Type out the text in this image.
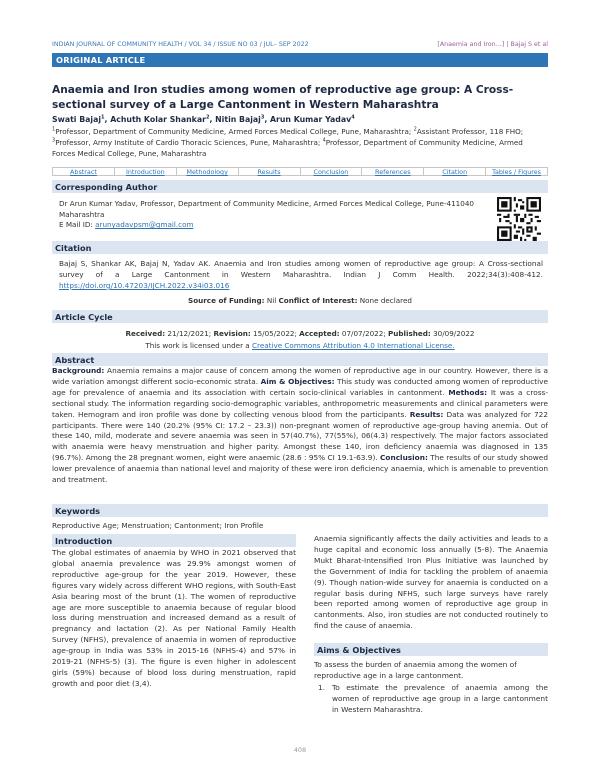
INDIAN JOURNAL OF COMMUNITY HEALTH / VOL 34 / ISSUE NO 03 / JUL– SEP 2022	[Anaemia and Iron…] | Bajaj S et al
ORIGINAL ARTICLE
Anaemia and Iron studies among women of reproductive age group: A Cross-sectional survey of a Large Cantonment in Western Maharashtra
Swati Bajaj$^1$, Achuth Kolar Shankar$^2$, Nitin Bajaj$^3$, Arun Kumar Yadav$^4$
$^1$Professor, Department of Community Medicine, Armed Forces Medical College, Pune, Maharashtra; $^2$Assistant Professor, 118 FHO; $^3$Professor, Army Institute of Cardio Thoracic Sciences, Pune, Maharashtra; $^4$Professor, Department of Community Medicine, Armed Forces Medical College, Pune, Maharashtra
Abstract	Introduction	Methodology	Results	Conclusion	References	Citation	Tables / Figures
Corresponding Author
Dr Arun Kumar Yadav, Professor, Department of Community Medicine, Armed Forces Medical College, Pune-411040 Maharashtra
E Mail ID: arunyadavpsm@gmail.com
Citation
Bajaj S, Shankar AK, Bajaj N, Yadav AK. Anaemia and Iron studies among women of reproductive age group: A Cross-sectional survey of a Large Cantonment in Western Maharashtra. Indian J Comm Health. 2022;34(3):408-412. https://doi.org/10.47203/IJCH.2022.v34i03.016
Source of Funding: Nil Conflict of Interest: None declared
Article Cycle
Received: 21/12/2021; Revision: 15/05/2022; Accepted: 07/07/2022; Published: 30/09/2022
This work is licensed under a Creative Commons Attribution 4.0 International License.
Abstract
Background: Anaemia remains a major cause of concern among the women of reproductive age in our country. However, there is a wide variation amongst different socio-economic strata. Aim & Objectives: This study was conducted among women of reproductive age for prevalence of anaemia and its association with certain socio-clinical variables in cantonment. Methods: It was a cross-sectional study. The information regarding socio-demographic variables, anthropometric measurements and clinical parameters were taken. Hemogram and iron profile was done by collecting venous blood from the participants. Results: Data was analyzed for 722 participants. There were 140 (20.2% (95% CI: 17.2 – 23.3)) non-pregnant women of reproductive age-group having anemia. Out of these 140, mild, moderate and severe anaemia was seen in 57(40.7%), 77(55%), 06(4.3) respectively. The major factors associated with anaemia were heavy menstruation and higher parity. Amongst these 140, iron deficiency anaemia was diagnosed in 135 (96.7%). Among the 28 pregnant women, eight were anaemic (28.6 : 95% CI 19.1-63.9). Conclusion: The results of our study showed lower prevalence of anaemia than national level and majority of these were iron deficiency anaemia, which is amenable to prevention and treatment.
Keywords
Reproductive Age; Menstruation; Cantonment; Iron Profile
Introduction
The global estimates of anaemia by WHO in 2021 observed that global anaemia prevalence was 29.9% amongst women of reproductive age-group for the year 2019. However, these figures vary widely across different WHO regions, with South-East Asia bearing most of the brunt (1). The women of reproductive age are more susceptible to anaemia because of regular blood loss during menstruation and increased demand as a result of pregnancy and lactation (2). As per National Family Health Survey (NFHS), prevalence of anaemia in women of reproductive age-group in India was 53% in 2015-16 (NFHS-4) and 57% in 2019-21 (NFHS-5) (3). The figure is even higher in adolescent girls (59%) because of blood loss during menstruation, rapid growth and poor diet (3,4).
Anaemia significantly affects the daily activities and leads to a huge capital and economic loss annually (5-8). The Anaemia Mukt Bharat-Intensified Iron Plus Initiative was launched by the Government of India for tackling the problem of anaemia (9). Though nation-wide survey for anaemia is conducted on a regular basis during NFHS, such large surveys have rarely been reported among women of reproductive age group in cantonments. Also, iron studies are not conducted routinely to find the cause of anaemia.
Aims & Objectives
To assess the burden of anaemia among the women of reproductive age in a large cantonment.
1. To estimate the prevalence of anaemia among the women of reproductive age group in a large cantonment in Western Maharashtra.
408
